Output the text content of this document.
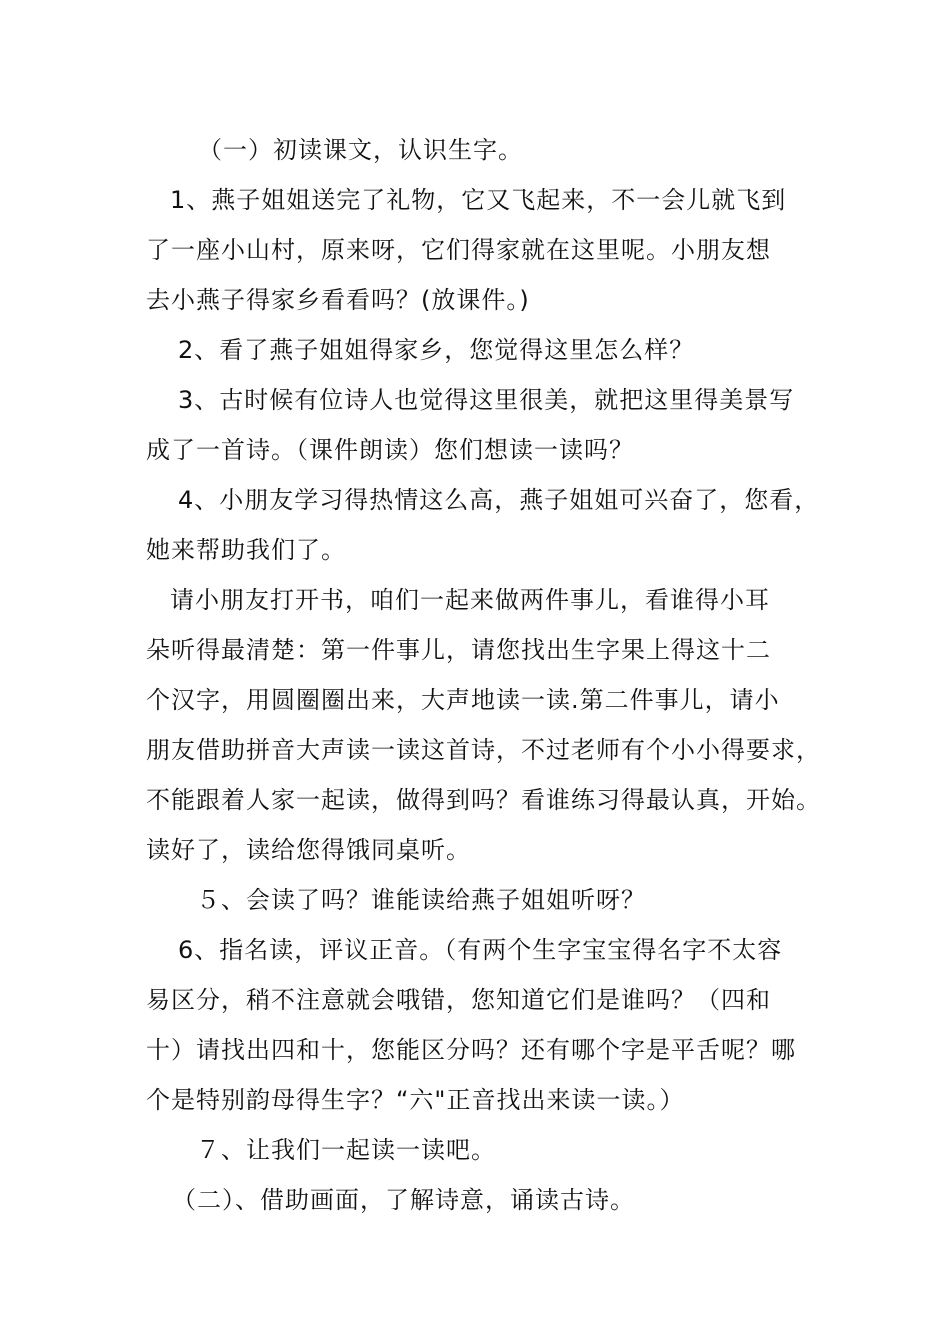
（一）初读课文，认识生字。
1、燕子姐姐送完了礼物，它又飞起来，不一会儿就飞到
了一座小山村，原来呀，它们得家就在这里呢。小朋友想
去小燕子得家乡看看吗？(放课件。)
2、看了燕子姐姐得家乡，您觉得这里怎么样？
3、古时候有位诗人也觉得这里很美，就把这里得美景写
成了一首诗。（课件朗读）您们想读一读吗？
4、小朋友学习得热情这么高，燕子姐姐可兴奋了，您看，
她来帮助我们了。
请小朋友打开书，咱们一起来做两件事儿，看谁得小耳
朵听得最清楚：第一件事儿，请您找出生字果上得这十二
个汉字，用圆圈圈出来，大声地读一读.第二件事儿，请小
朋友借助拼音大声读一读这首诗，不过老师有个小小得要求，
不能跟着人家一起读，做得到吗？看谁练习得最认真，开始。
读好了，读给您得饿同桌听。
５、会读了吗？谁能读给燕子姐姐听呀？
6、指名读，评议正音。（有两个生字宝宝得名字不太容
易区分，稍不注意就会哦错，您知道它们是谁吗？（四和
十）请找出四和十，您能区分吗？还有哪个字是平舌呢？哪
个是特别韵母得生字？“六"正音找出来读一读。）
７、让我们一起读一读吧。
（二）、借助画面，了解诗意，诵读古诗。
